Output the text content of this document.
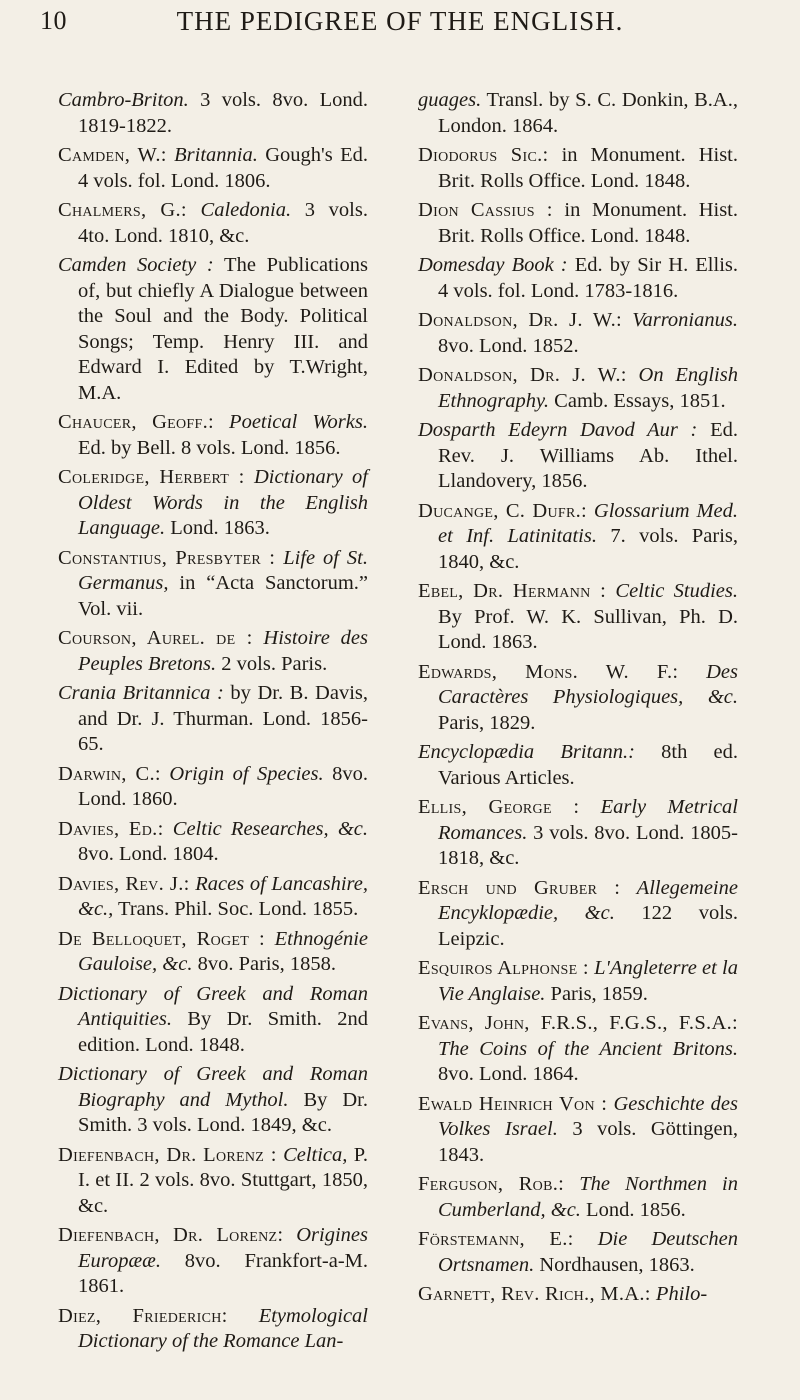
10	THE PEDIGREE OF THE ENGLISH.

Cambro-Briton. 3 vols. 8vo. Lond. 1819-1822.

Camden, W.: Britannia. Gough's Ed. 4 vols. fol. Lond. 1806.

Chalmers, G.: Caledonia. 3 vols. 4to. Lond. 1810, &c.

Camden Society : The Publications of, but chiefly A Dialogue between the Soul and the Body. Political Songs; Temp. Henry III. and Edward I. Edited by T.Wright, M.A.

Chaucer, Geoff.: Poetical Works. Ed. by Bell. 8 vols. Lond. 1856.

Coleridge, Herbert : Dictionary of Oldest Words in the English Language. Lond. 1863.

Constantius, Presbyter : Life of St. Germanus, in “Acta Sanctorum.” Vol. vii.

Courson, Aurel. de : Histoire des Peuples Bretons. 2 vols. Paris.

Crania Britannica : by Dr. B. Davis, and Dr. J. Thurman. Lond. 1856-65.

Darwin, C.: Origin of Species. 8vo. Lond. 1860.

Davies, Ed.: Celtic Researches, &c. 8vo. Lond. 1804.

Davies, Rev. J.: Races of Lancashire, &c., Trans. Phil. Soc. Lond. 1855.

De Belloquet, Roget : Ethnogénie Gauloise, &c. 8vo. Paris, 1858.

Dictionary of Greek and Roman Antiquities. By Dr. Smith. 2nd edition. Lond. 1848.

Dictionary of Greek and Roman Biography and Mythol. By Dr. Smith. 3 vols. Lond. 1849, &c.

Diefenbach, Dr. Lorenz : Celtica, P. I. et II. 2 vols. 8vo. Stuttgart, 1850, &c.

Diefenbach, Dr. Lorenz: Origines Europææ. 8vo. Frankfort-a-M. 1861.

Diez, Friederich: Etymological Dictionary of the Romance Lan-

guages. Transl. by S. C. Donkin, B.A., London. 1864.

Diodorus Sic.: in Monument. Hist. Brit. Rolls Office. Lond. 1848.

Dion Cassius : in Monument. Hist. Brit. Rolls Office. Lond. 1848.

Domesday Book : Ed. by Sir H. Ellis. 4 vols. fol. Lond. 1783-1816.

Donaldson, Dr. J. W.: Varronianus. 8vo. Lond. 1852.

Donaldson, Dr. J. W.: On English Ethnography. Camb. Essays, 1851.

Dosparth Edeyrn Davod Aur : Ed. Rev. J. Williams Ab. Ithel. Llandovery, 1856.

Ducange, C. Dufr.: Glossarium Med. et Inf. Latinitatis. 7. vols. Paris, 1840, &c.

Ebel, Dr. Hermann : Celtic Studies. By Prof. W. K. Sullivan, Ph. D. Lond. 1863.

Edwards, Mons. W. F.: Des Caractères Physiologiques, &c. Paris, 1829.

Encyclopædia Britann.: 8th ed. Various Articles.

Ellis, George : Early Metrical Romances. 3 vols. 8vo. Lond. 1805-1818, &c.

Ersch und Gruber : Allegemeine Encyklopædie, &c. 122 vols. Leipzic.

Esquiros Alphonse : L'Angleterre et la Vie Anglaise. Paris, 1859.

Evans, John, F.R.S., F.G.S., F.S.A.: The Coins of the Ancient Britons. 8vo. Lond. 1864.

Ewald Heinrich Von : Geschichte des Volkes Israel. 3 vols. Göttingen, 1843.

Ferguson, Rob.: The Northmen in Cumberland, &c. Lond. 1856.

Förstemann, E.: Die Deutschen Ortsnamen. Nordhausen, 1863.

Garnett, Rev. Rich., M.A.: Philo-
